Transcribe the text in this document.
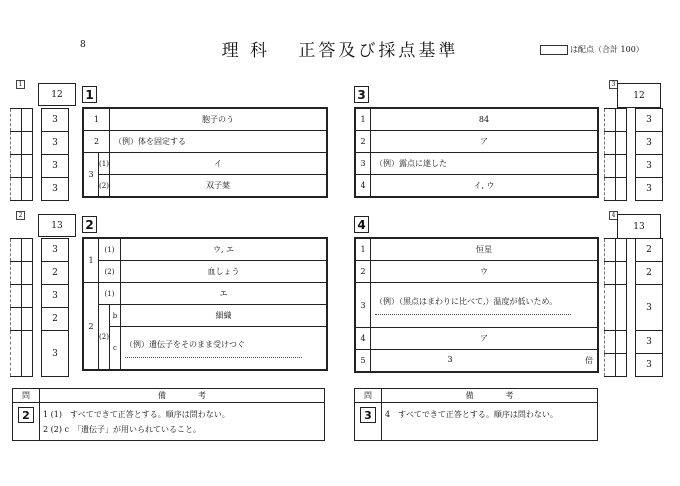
8	理 科　 正答及び採点基準	は配点（合計 100）
1
12
			3
			3
			3
			3
2
13
			3
			2
			3
			2
			3
3
12
			3
			3
			3
			3
4
13
			2
			2
			3
			3
			3
1
1		胞子のう
2		（例）体を固定する
3	(1)	イ
	(2)	双子葉
2
1	(1)		ウ, エ
	(2)		血しょう
2	(1)		エ
	(2)	b	細織
		c	（例）遺伝子をそのまま受けつぐ
3
1	84
2	ア
3	（例）露点に達した
4	イ, ウ
4
1	恒星
2	ウ
3	（例）（黒点はまわりに比べて,）温度が低いため。

4	ア
5	3 倍
問	備　　　　考
2	1 (1)　すべてできて正答とする。順序は問わない。
2 (2) c　「遺伝子」が用いられていること。
問	備　　　　考
3	4　すべてできて正答とする。順序は問わない。
